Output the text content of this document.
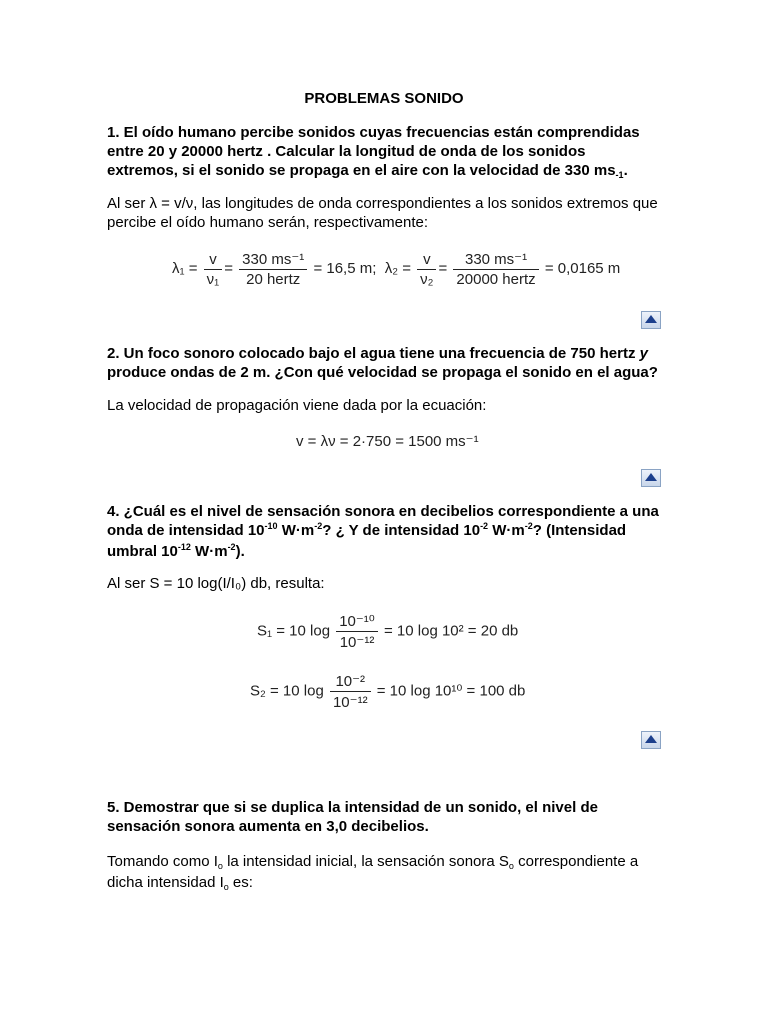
PROBLEMAS SONIDO
1. El oído humano percibe sonidos cuyas frecuencias están comprendidas
entre 20 y 20000 hertz . Calcular la longitud de onda de los sonidos
extremos, si el sonido se propaga en el aire con la velocidad de 330 $ms_{-1}$.
Al ser λ = v/ν, las longitudes de onda correspondientes a los sonidos extremos que
percibe el oído humano serán, respectivamente:
$\lambda_1 = \frac{v}{\text{ν₁}} = \frac{\text{330 ms⁻¹}}{\text{20 hertz}} = 16,5$ m; $\lambda_2 = \frac{v}{\text{ν₂}} = \frac{\text{330 ms⁻¹}}{\text{20000 hertz}} = 0,0165$ m
2. Un foco sonoro colocado bajo el agua tiene una frecuencia de 750 hertz y
produce ondas de 2 m. ¿Con qué velocidad se propaga el sonido en el agua?
La velocidad de propagación viene dada por la ecuación:
v = λν = 2·750 = 1500 ms⁻¹
4. ¿Cuál es el nivel de sensación sonora en decibelios correspondiente a una
onda de intensidad $10^{-10}$ $W\cdot m^{-2}$? ¿ Y de intensidad $10^{-2}$ $W\cdot m^{-2}$? (Intensidad
umbral $10^{-12}$ $W\cdot m^{-2}$).
Al ser S = 10 log(I/I₀) db, resulta:
S₁ = 10 $\log \frac{\text{10⁻¹⁰}}{\text{10⁻¹²}} = 10$ log 10² = 20 db
S₂ = 10 $\log \frac{\text{10⁻²}}{\text{10⁻¹²}} = 10$ log 10¹⁰ = 100 db
5. Demostrar que si se duplica la intensidad de un sonido, el nivel de
sensación sonora aumenta en 3,0 decibelios.
Tomando como $I_o$ la intensidad inicial, la sensación sonora $S_o$ correspondiente a
dicha intensidad $I_o$ es:
